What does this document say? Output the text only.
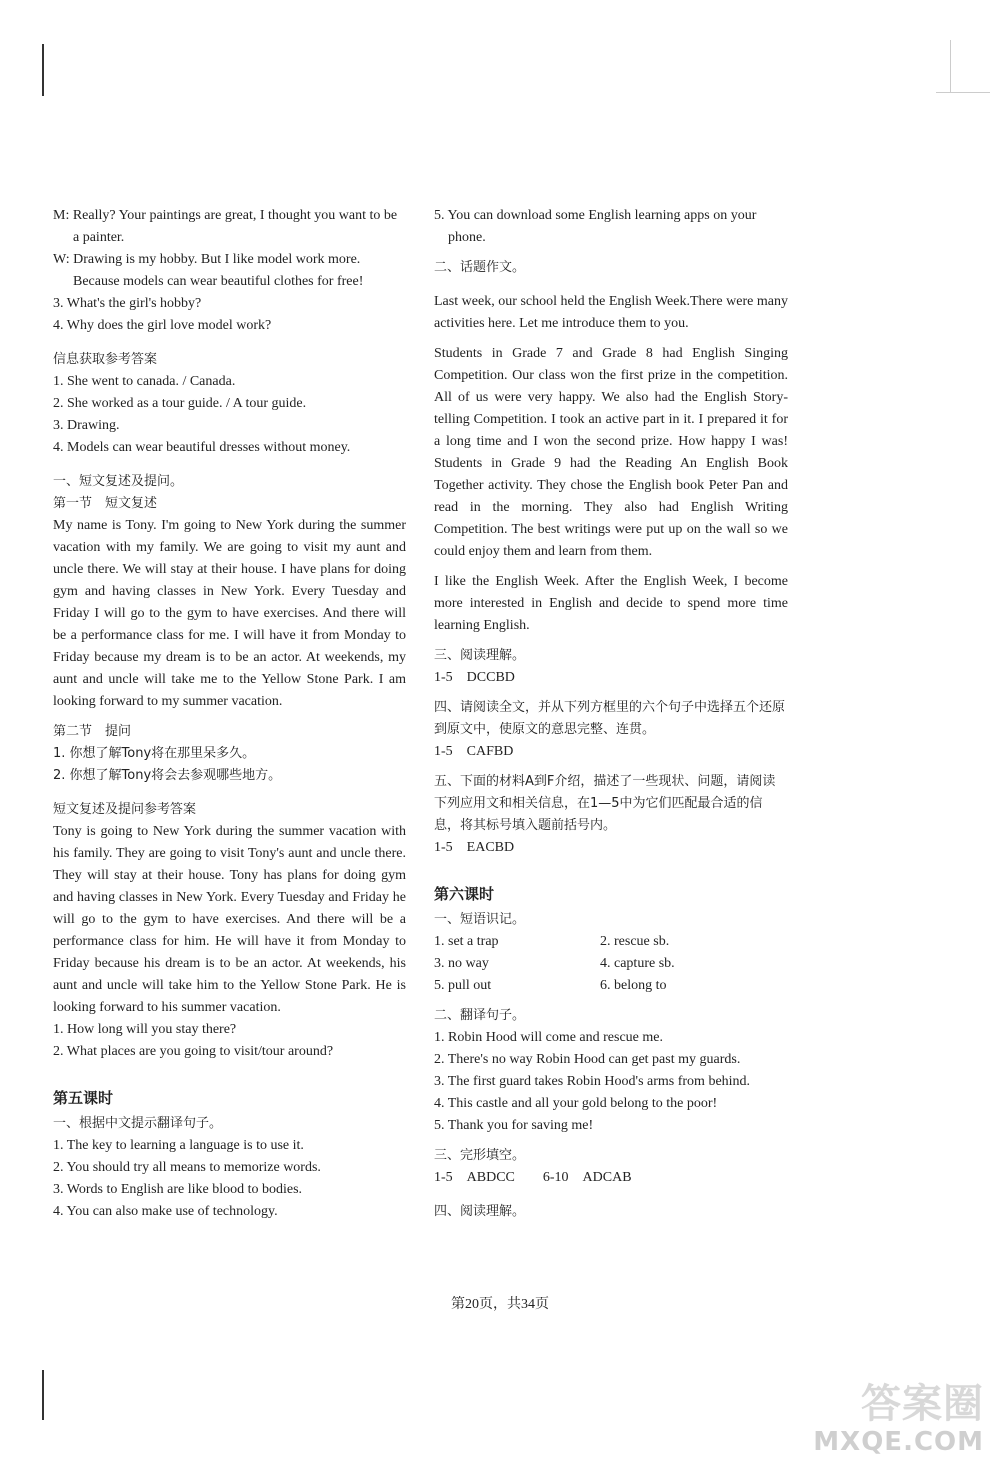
M: Really? Your paintings are great, I thought you want to be a painter.

W: Drawing is my hobby. But I like model work more. Because models can wear beautiful clothes for free!

3. What's the girl's hobby?

4. Why does the girl love model work?

信息获取参考答案

1. She went to canada. / Canada.

2. She worked as a tour guide. / A tour guide.

3. Drawing.

4. Models can wear beautiful dresses without money.

一、短文复述及提问。

第一节　短文复述

My name is Tony. I'm going to New York during the summer vacation with my family. We are going to visit my aunt and uncle there. We will stay at their house. I have plans for doing gym and having classes in New York. Every Tuesday and Friday I will go to the gym to have exercises. And there will be a performance class for me. I will have it from Monday to Friday because my dream is to be an actor. At weekends, my aunt and uncle will take me to the Yellow Stone Park. I am looking forward to my summer vacation.

第二节　提问

1. 你想了解Tony将在那里呆多久。

2. 你想了解Tony将会去参观哪些地方。

短文复述及提问参考答案

Tony is going to New York during the summer vacation with his family. They are going to visit Tony's aunt and uncle there. They will stay at their house. Tony has plans for doing gym and having classes in New York. Every Tuesday and Friday he will go to the gym to have exercises. And there will be a performance class for him. He will have it from Monday to Friday because his dream is to be an actor. At weekends, his aunt and uncle will take him to the Yellow Stone Park. He is looking forward to his summer vacation.

1. How long will you stay there?

2. What places are you going to visit/tour around?

第五课时

一、根据中文提示翻译句子。

1. The key to learning a language is to use it.

2. You should try all means to memorize words.

3. Words to English are like blood to bodies.

4. You can also make use of technology.

5. You can download some English learning apps on your phone.

二、话题作文。

Last week, our school held the English Week.There were many activities here. Let me introduce them to you.

Students in Grade 7 and Grade 8 had English Singing Competition. Our class won the first prize in the competition. All of us were very happy. We also had the English Story-telling Competition. I took an active part in it. I prepared it for a long time and I won the second prize. How happy I was! Students in Grade 9 had the Reading An English Book Together activity. They chose the English book Peter Pan and read in the morning. They also had English Writing Competition. The best writings were put up on the wall so we could enjoy them and learn from them.

I like the English Week. After the English Week, I become more interested in English and decide to spend more time learning English.

三、阅读理解。

1-5　DCCBD

四、请阅读全文，并从下列方框里的六个句子中选择五个还原到原文中，使原文的意思完整、连贯。

1-5　CAFBD

五、下面的材料A到F介绍，描述了一些现状、问题，请阅读下列应用文和相关信息，在1—5中为它们匹配最合适的信息，将其标号填入题前括号内。

1-5　EACBD

第六课时

一、短语识记。

1. set a trap	2. rescue sb.
3. no way	4. capture sb.
5. pull out	6. belong to

二、翻译句子。

1. Robin Hood will come and rescue me.

2. There's no way Robin Hood can get past my guards.

3. The first guard takes Robin Hood's arms from behind.

4. This castle and all your gold belong to the poor!

5. Thank you for saving me!

三、完形填空。

1-5　ABDCC　　6-10　ADCAB

四、阅读理解。

第20页，共34页
答案圈
MXQE.COM
